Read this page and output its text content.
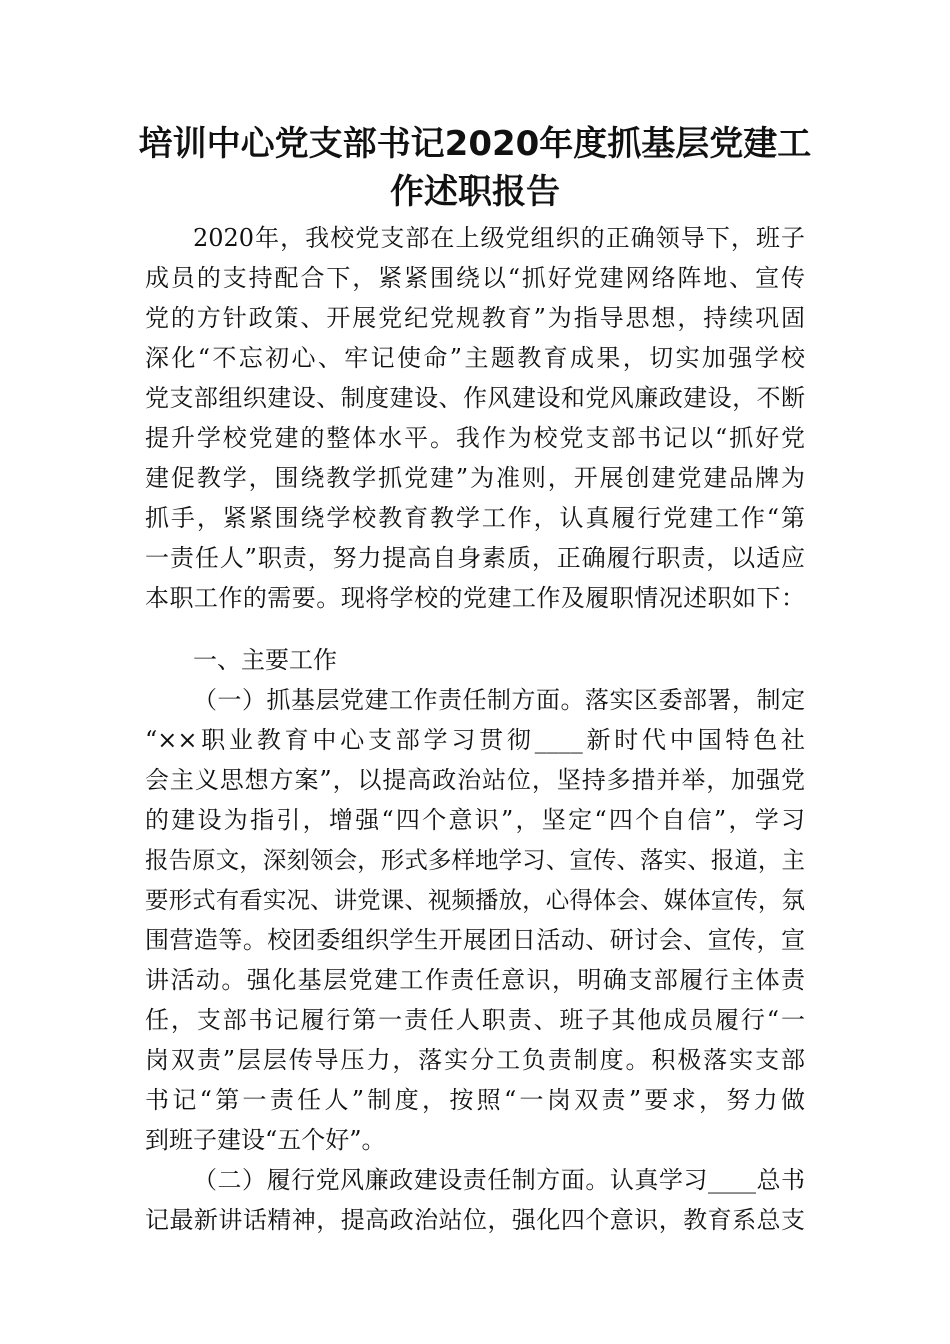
培训中心党支部书记2020年度抓基层党建工
作述职报告
2020年，我校党支部在上级党组织的正确领导下，班子
成员的支持配合下，紧紧围绕以“抓好党建网络阵地、宣传
党的方针政策、开展党纪党规教育”为指导思想，持续巩固
深化“不忘初心、牢记使命”主题教育成果，切实加强学校
党支部组织建设、制度建设、作风建设和党风廉政建设，不断
提升学校党建的整体水平。我作为校党支部书记以“抓好党
建促教学，围绕教学抓党建”为准则，开展创建党建品牌为
抓手，紧紧围绕学校教育教学工作，认真履行党建工作“第
一责任人”职责，努力提高自身素质，正确履行职责，以适应
本职工作的需要。现将学校的党建工作及履职情况述职如下：
一、主要工作
（一）抓基层党建工作责任制方面。落实区委部署，制定
“××职业教育中心支部学习贯彻____新时代中国特色社
会主义思想方案”，以提高政治站位，坚持多措并举，加强党
的建设为指引，增强“四个意识”，坚定“四个自信”，学习
报告原文，深刻领会，形式多样地学习、宣传、落实、报道，主
要形式有看实况、讲党课、视频播放，心得体会、媒体宣传，氛
围营造等。校团委组织学生开展团日活动、研讨会、宣传，宣
讲活动。强化基层党建工作责任意识，明确支部履行主体责
任，支部书记履行第一责任人职责、班子其他成员履行“一
岗双责”层层传导压力，落实分工负责制度。积极落实支部
书记“第一责任人”制度，按照“一岗双责”要求，努力做
到班子建设“五个好”。
（二）履行党风廉政建设责任制方面。认真学习____总书
记最新讲话精神，提高政治站位，强化四个意识，教育系总支
